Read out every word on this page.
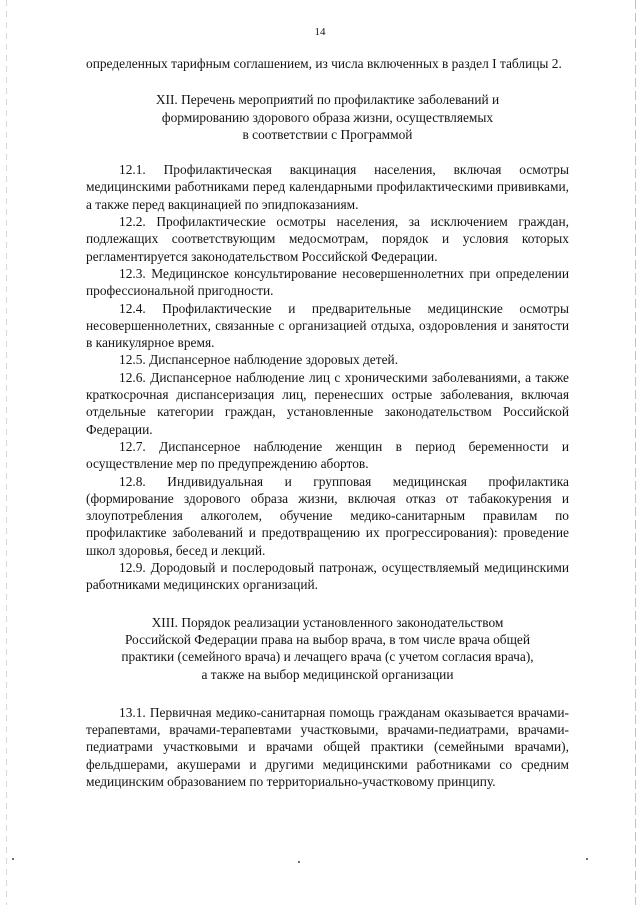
14

определенных тарифным соглашением, из числа включенных в раздел I таблицы 2.

XII. Перечень мероприятий по профилактике заболеваний и

формированию здорового образа жизни, осуществляемых

в соответствии с Программой

12.1. Профилактическая вакцинация населения, включая осмотры медицинскими работниками перед календарными профилактическими прививками, а также перед вакцинацией по эпидпоказаниям.

12.2. Профилактические осмотры населения, за исключением граждан, подлежащих соответствующим медосмотрам, порядок и условия которых регламентируется законодательством Российской Федерации.

12.3. Медицинское консультирование несовершеннолетних при определении профессиональной пригодности.

12.4. Профилактические и предварительные медицинские осмотры несовершеннолетних, связанные с организацией отдыха, оздоровления и занятости в каникулярное время.

12.5. Диспансерное наблюдение здоровых детей.

12.6. Диспансерное наблюдение лиц с хроническими заболеваниями, а также краткосрочная диспансеризация лиц, перенесших острые заболевания, включая отдельные категории граждан, установленные законодательством Российской Федерации.

12.7. Диспансерное наблюдение женщин в период беременности и осуществление мер по предупреждению абортов.

12.8. Индивидуальная и групповая медицинская профилактика (формирование здорового образа жизни, включая отказ от табакокурения и злоупотребления алкоголем, обучение медико-санитарным правилам по профилактике заболеваний и предотвращению их прогрессирования): проведение школ здоровья, бесед и лекций.

12.9. Дородовый и послеродовый патронаж, осуществляемый медицинскими работниками медицинских организаций.

XIII. Порядок реализации установленного законодательством

Российской Федерации права на выбор врача, в том числе врача общей

практики (семейного врача) и лечащего врача (с учетом согласия врача),

а также на выбор медицинской организации

13.1. Первичная медико-санитарная помощь гражданам оказывается врачами-терапевтами, врачами-терапевтами участковыми, врачами-педиатрами, врачами-педиатрами участковыми и врачами общей практики (семейными врачами), фельдшерами, акушерами и другими медицинскими работниками со средним медицинским образованием по территориально-участковому принципу.
